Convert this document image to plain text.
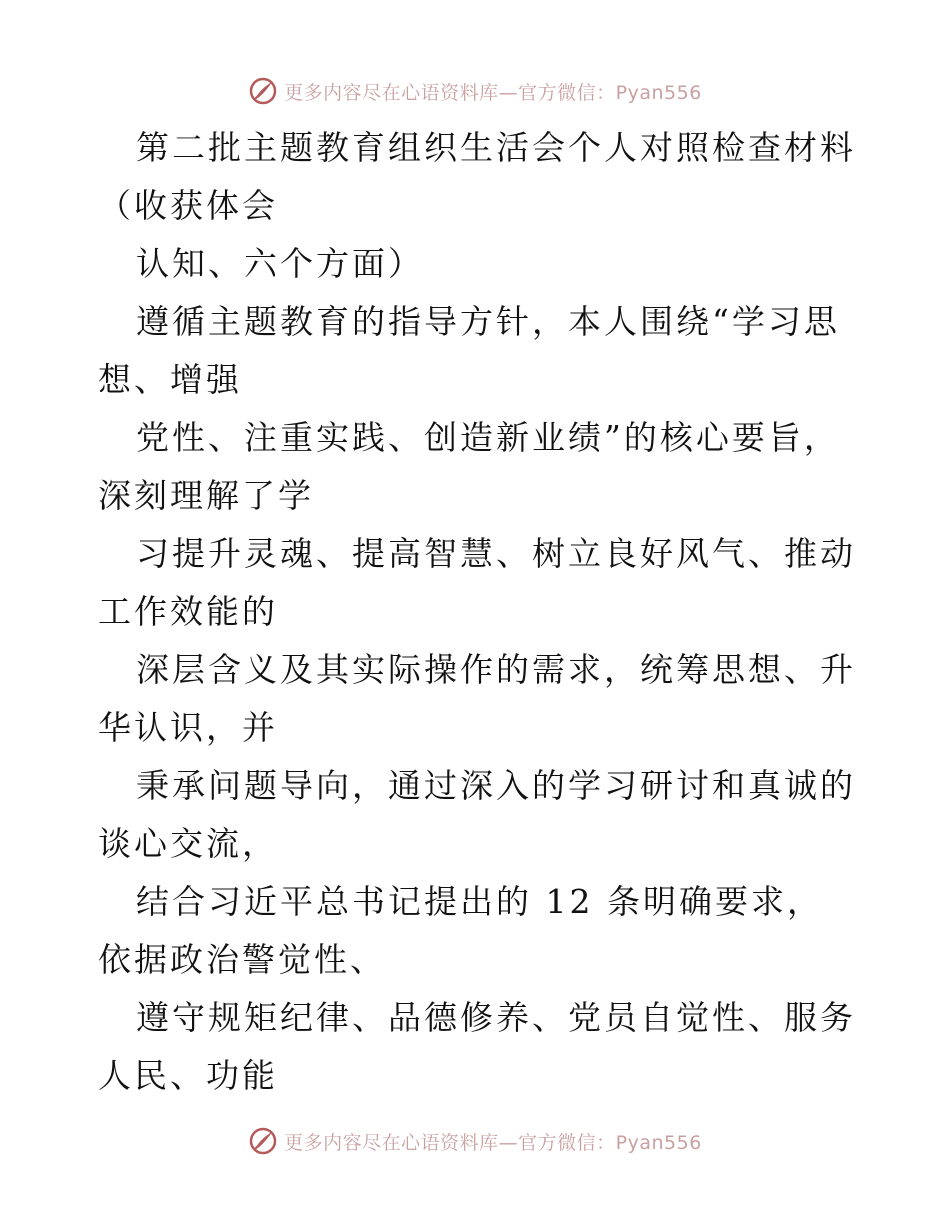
更多内容尽在心语资料库—官方微信：Pyan556

第二批主题教育组织生活会个人对照检查材料（收获体会

认知、六个方面）

遵循主题教育的指导方针，本人围绕“学习思想、增强

党性、注重实践、创造新业绩”的核心要旨，深刻理解了学

习提升灵魂、提高智慧、树立良好风气、推动工作效能的

深层含义及其实际操作的需求，统筹思想、升华认识，并

秉承问题导向，通过深入的学习研讨和真诚的谈心交流，

结合习近平总书记提出的 12 条明确要求，依据政治警觉性、

遵守规矩纪律、品德修养、党员自觉性、服务人民、功能

更多内容尽在心语资料库—官方微信：Pyan556
